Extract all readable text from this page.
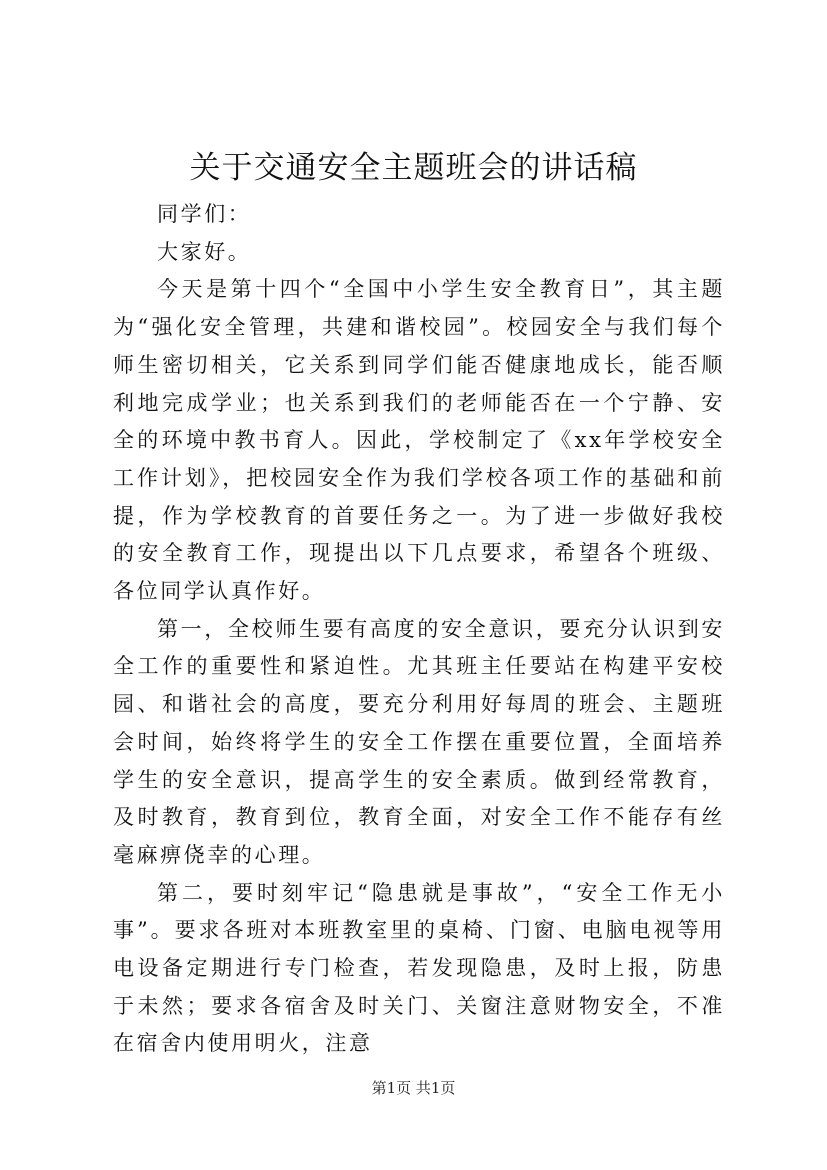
关于交通安全主题班会的讲话稿

同学们：

大家好。

今天是第十四个“全国中小学生安全教育日”，其主题为“强化安全管理，共建和谐校园”。校园安全与我们每个师生密切相关，它关系到同学们能否健康地成长，能否顺利地完成学业；也关系到我们的老师能否在一个宁静、安全的环境中教书育人。因此，学校制定了《xx年学校安全工作计划》，把校园安全作为我们学校各项工作的基础和前提，作为学校教育的首要任务之一。为了进一步做好我校的安全教育工作，现提出以下几点要求，希望各个班级、各位同学认真作好。

第一，全校师生要有高度的安全意识，要充分认识到安全工作的重要性和紧迫性。尤其班主任要站在构建平安校园、和谐社会的高度，要充分利用好每周的班会、主题班会时间，始终将学生的安全工作摆在重要位置，全面培养学生的安全意识，提高学生的安全素质。做到经常教育，及时教育，教育到位，教育全面，对安全工作不能存有丝毫麻痹侥幸的心理。

第二，要时刻牢记“隐患就是事故”，“安全工作无小事”。要求各班对本班教室里的桌椅、门窗、电脑电视等用电设备定期进行专门检查，若发现隐患，及时上报，防患于未然；要求各宿舍及时关门、关窗注意财物安全，不准在宿舍内使用明火，注意

第1页 共1页
